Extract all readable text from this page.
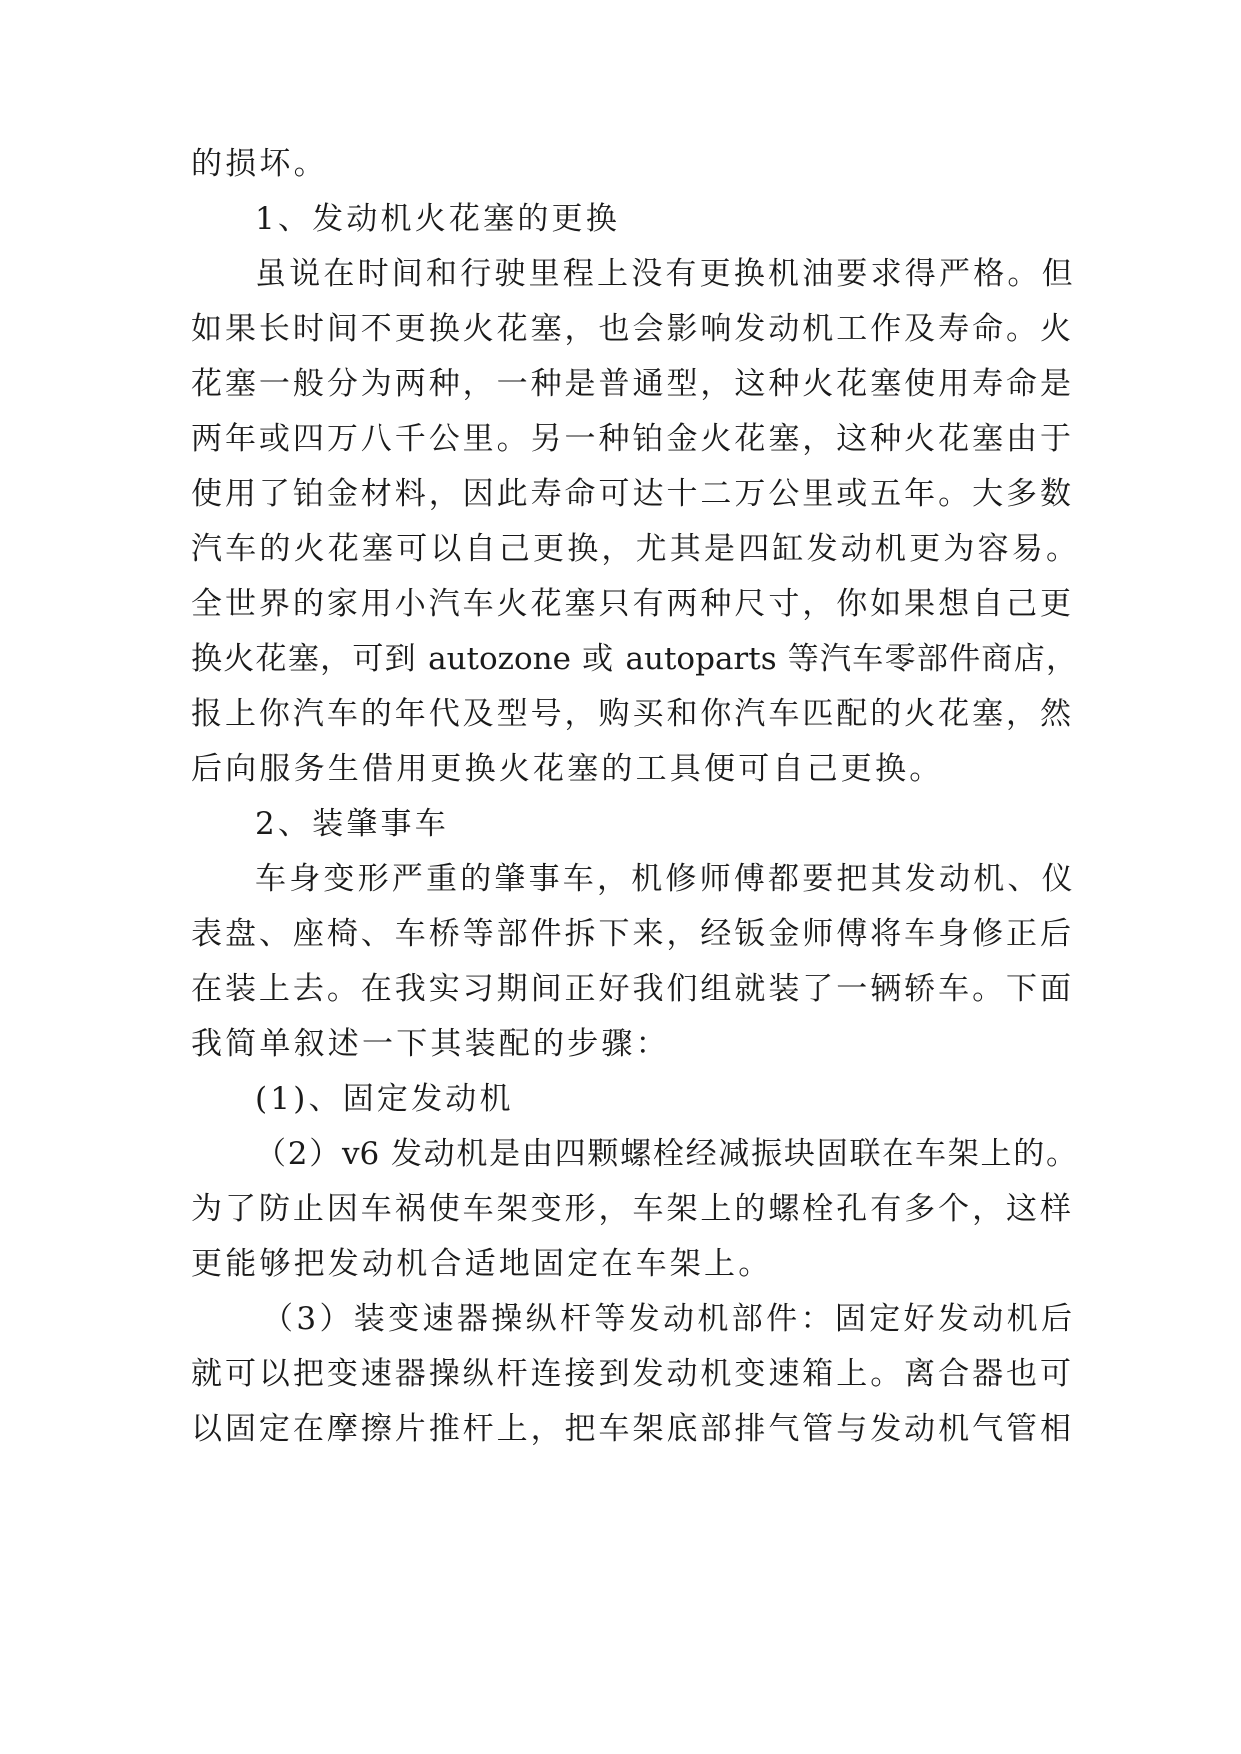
的损坏。
1、发动机火花塞的更换
虽说在时间和行驶里程上没有更换机油要求得严格。但
如果长时间不更换火花塞，也会影响发动机工作及寿命。火
花塞一般分为两种，一种是普通型，这种火花塞使用寿命是
两年或四万八千公里。另一种铂金火花塞，这种火花塞由于
使用了铂金材料，因此寿命可达十二万公里或五年。大多数
汽车的火花塞可以自己更换，尤其是四缸发动机更为容易。
全世界的家用小汽车火花塞只有两种尺寸，你如果想自己更
换火花塞，可到 autozone 或 autoparts 等汽车零部件商店，
报上你汽车的年代及型号，购买和你汽车匹配的火花塞，然
后向服务生借用更换火花塞的工具便可自己更换。
2、装肇事车
车身变形严重的肇事车，机修师傅都要把其发动机、仪
表盘、座椅、车桥等部件拆下来，经钣金师傅将车身修正后
在装上去。在我实习期间正好我们组就装了一辆轿车。下面
我简单叙述一下其装配的步骤：
(1)、固定发动机
（2）v6 发动机是由四颗螺栓经减振块固联在车架上的。
为了防止因车祸使车架变形，车架上的螺栓孔有多个，这样
更能够把发动机合适地固定在车架上。
（3）装变速器操纵杆等发动机部件：固定好发动机后
就可以把变速器操纵杆连接到发动机变速箱上。离合器也可
以固定在摩擦片推杆上，把车架底部排气管与发动机气管相
